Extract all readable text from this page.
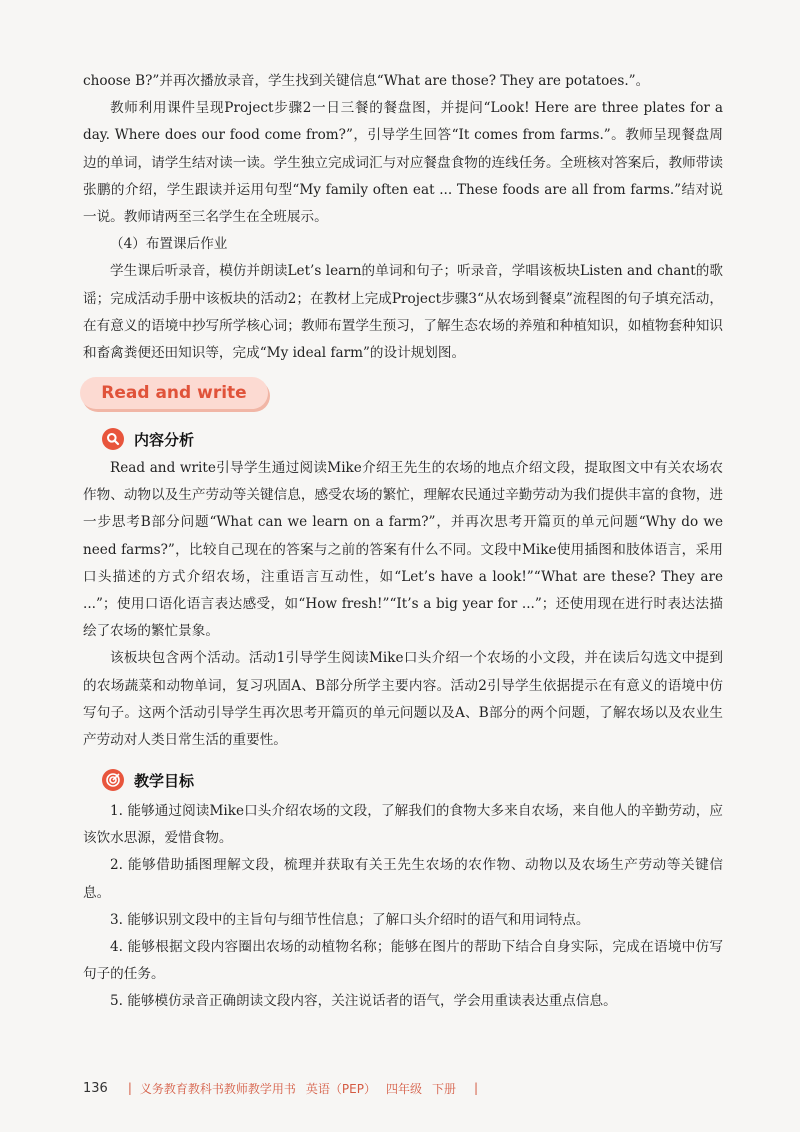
choose B?”并再次播放录音，学生找到关键信息“What are those? They are potatoes.”。

教师利用课件呈现Project步骤2一日三餐的餐盘图，并提问“Look! Here are three plates for a day. Where does our food come from?”，引导学生回答“It comes from farms.”。教师呈现餐盘周边的单词，请学生结对读一读。学生独立完成词汇与对应餐盘食物的连线任务。全班核对答案后，教师带读张鹏的介绍，学生跟读并运用句型“My family often eat ... These foods are all from farms.”结对说一说。教师请两至三名学生在全班展示。

（4）布置课后作业

学生课后听录音，模仿并朗读Let’s learn的单词和句子；听录音，学唱该板块Listen and chant的歌谣；完成活动手册中该板块的活动2；在教材上完成Project步骤3“从农场到餐桌”流程图的句子填充活动，在有意义的语境中抄写所学核心词；教师布置学生预习，了解生态农场的养殖和种植知识，如植物套种知识和畜禽粪便还田知识等，完成“My ideal farm”的设计规划图。

Read and write
内容分析

Read and write引导学生通过阅读Mike介绍王先生的农场的地点介绍文段，提取图文中有关农场农作物、动物以及生产劳动等关键信息，感受农场的繁忙，理解农民通过辛勤劳动为我们提供丰富的食物，进一步思考B部分问题“What can we learn on a farm?”，并再次思考开篇页的单元问题“Why do we need farms?”，比较自己现在的答案与之前的答案有什么不同。文段中Mike使用插图和肢体语言，采用口头描述的方式介绍农场，注重语言互动性，如“Let’s have a look!”“What are these? They are ...”；使用口语化语言表达感受，如“How fresh!”“It’s a big year for ...”；还使用现在进行时表达法描绘了农场的繁忙景象。

该板块包含两个活动。活动1引导学生阅读Mike口头介绍一个农场的小文段，并在读后勾选文中提到的农场蔬菜和动物单词，复习巩固A、B部分所学主要内容。活动2引导学生依据提示在有意义的语境中仿写句子。这两个活动引导学生再次思考开篇页的单元问题以及A、B部分的两个问题，了解农场以及农业生产劳动对人类日常生活的重要性。

教学目标

1. 能够通过阅读Mike口头介绍农场的文段，了解我们的食物大多来自农场，来自他人的辛勤劳动，应该饮水思源，爱惜食物。

2. 能够借助插图理解文段，梳理并获取有关王先生农场的农作物、动物以及农场生产劳动等关键信息。

3. 能够识别文段中的主旨句与细节性信息；了解口头介绍时的语气和用词特点。

4. 能够根据文段内容圈出农场的动植物名称；能够在图片的帮助下结合自身实际，完成在语境中仿写句子的任务。

5. 能够模仿录音正确朗读文段内容，关注说话者的语气，学会用重读表达重点信息。

136 | 义务教育教科书教师教学用书 英语（PEP） 四年级 下册 |
